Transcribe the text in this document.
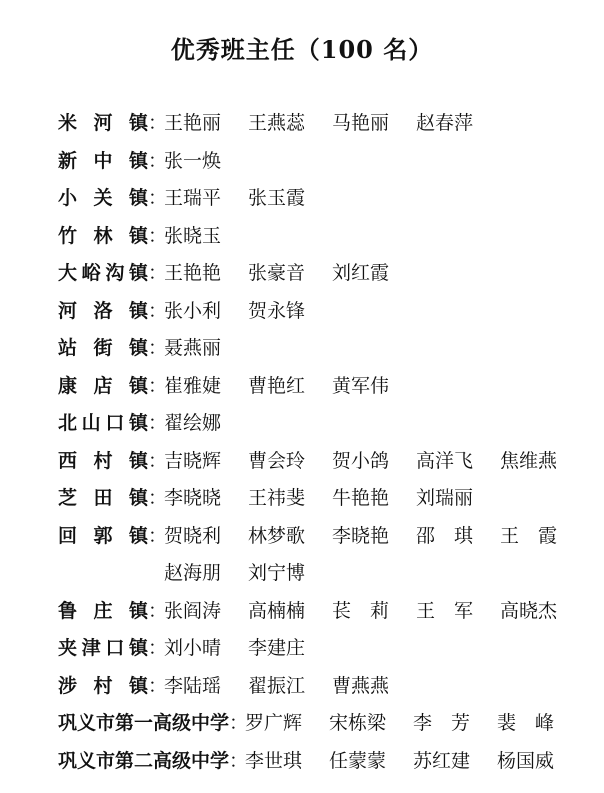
优秀班主任（100 名）
米 河 镇 ：
王艳丽	王燕蕊	马艳丽	赵春萍
新 中 镇 ：
张一焕
小 关 镇 ：
王瑞平	张玉霞
竹 林 镇 ：
张晓玉
大 峪 沟 镇 ：
王艳艳	张豪音	刘红霞
河 洛 镇 ：
张小利	贺永锋
站 街 镇 ：
聂燕丽
康 店 镇 ：
崔雅婕	曹艳红	黄军伟
北 山 口 镇 ：
翟绘娜
西 村 镇 ：
吉晓辉	曹会玲	贺小鸽	高洋飞	焦维燕
芝 田 镇 ：
李晓晓	王祎斐	牛艳艳	刘瑞丽
回 郭 镇 ：
贺晓利	林梦歌	李晓艳	邵　琪	王　霞
赵海朋	刘宁博
鲁 庄 镇 ：
张阎涛	高楠楠	苌　莉	王　军	高晓杰
夹 津 口 镇 ：
刘小晴	李建庄
涉 村 镇 ：
李陆瑶	翟振江	曹燕燕
巩义市第一高级中学 ：
罗广辉	宋栋梁	李　芳	裴　峰
巩义市第二高级中学 ：
李世琪	任蒙蒙	苏红建	杨国威
